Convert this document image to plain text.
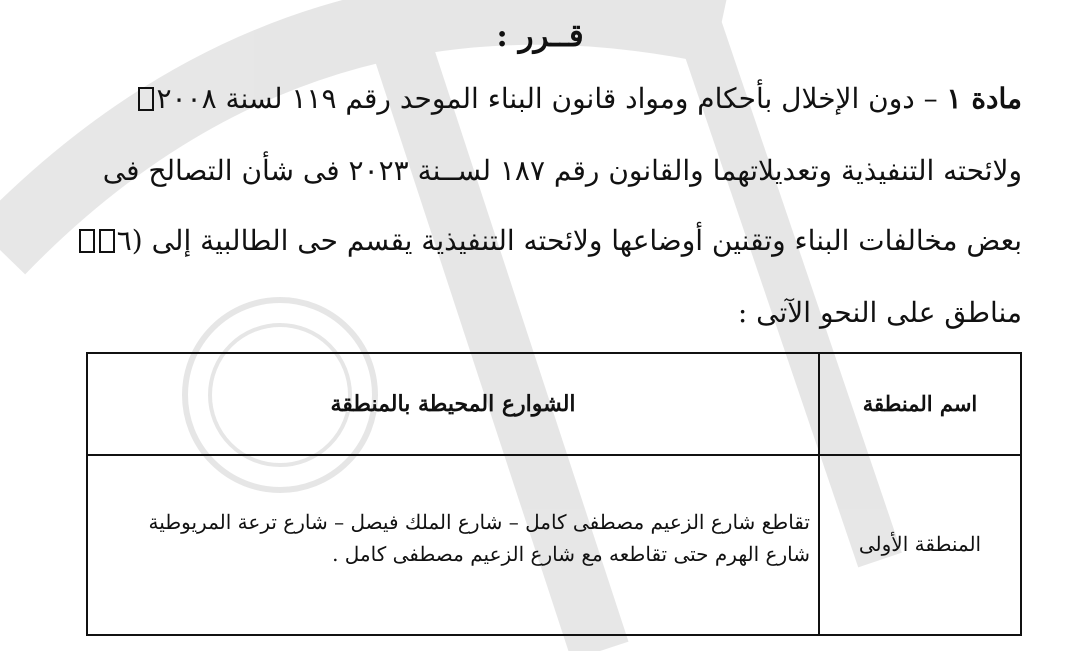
قــرر :
مادة ١ – دون الإخلال بأحكام ومواد قانون البناء الموحد رقم ١١٩ لسنة ٢٠٠٨
ولائحته التنفيذية وتعديلاتهما والقانون رقم ١٨٧ لســنة ٢٠٢٣ فى شأن التصالح فى
بعض مخالفات البناء وتقنين أوضاعها ولائحته التنفيذية يقسم حى الطالبية إلى (٦
مناطق على النحو الآتى :
اسم المنطقة
الشوارع المحيطة بالمنطقة
المنطقة الأولى
تقاطع شارع الزعيم مصطفى كامل – شارع الملك فيصل – شارع ترعة المريوطية
شارع الهرم حتى تقاطعه مع شارع الزعيم مصطفى كامل .
